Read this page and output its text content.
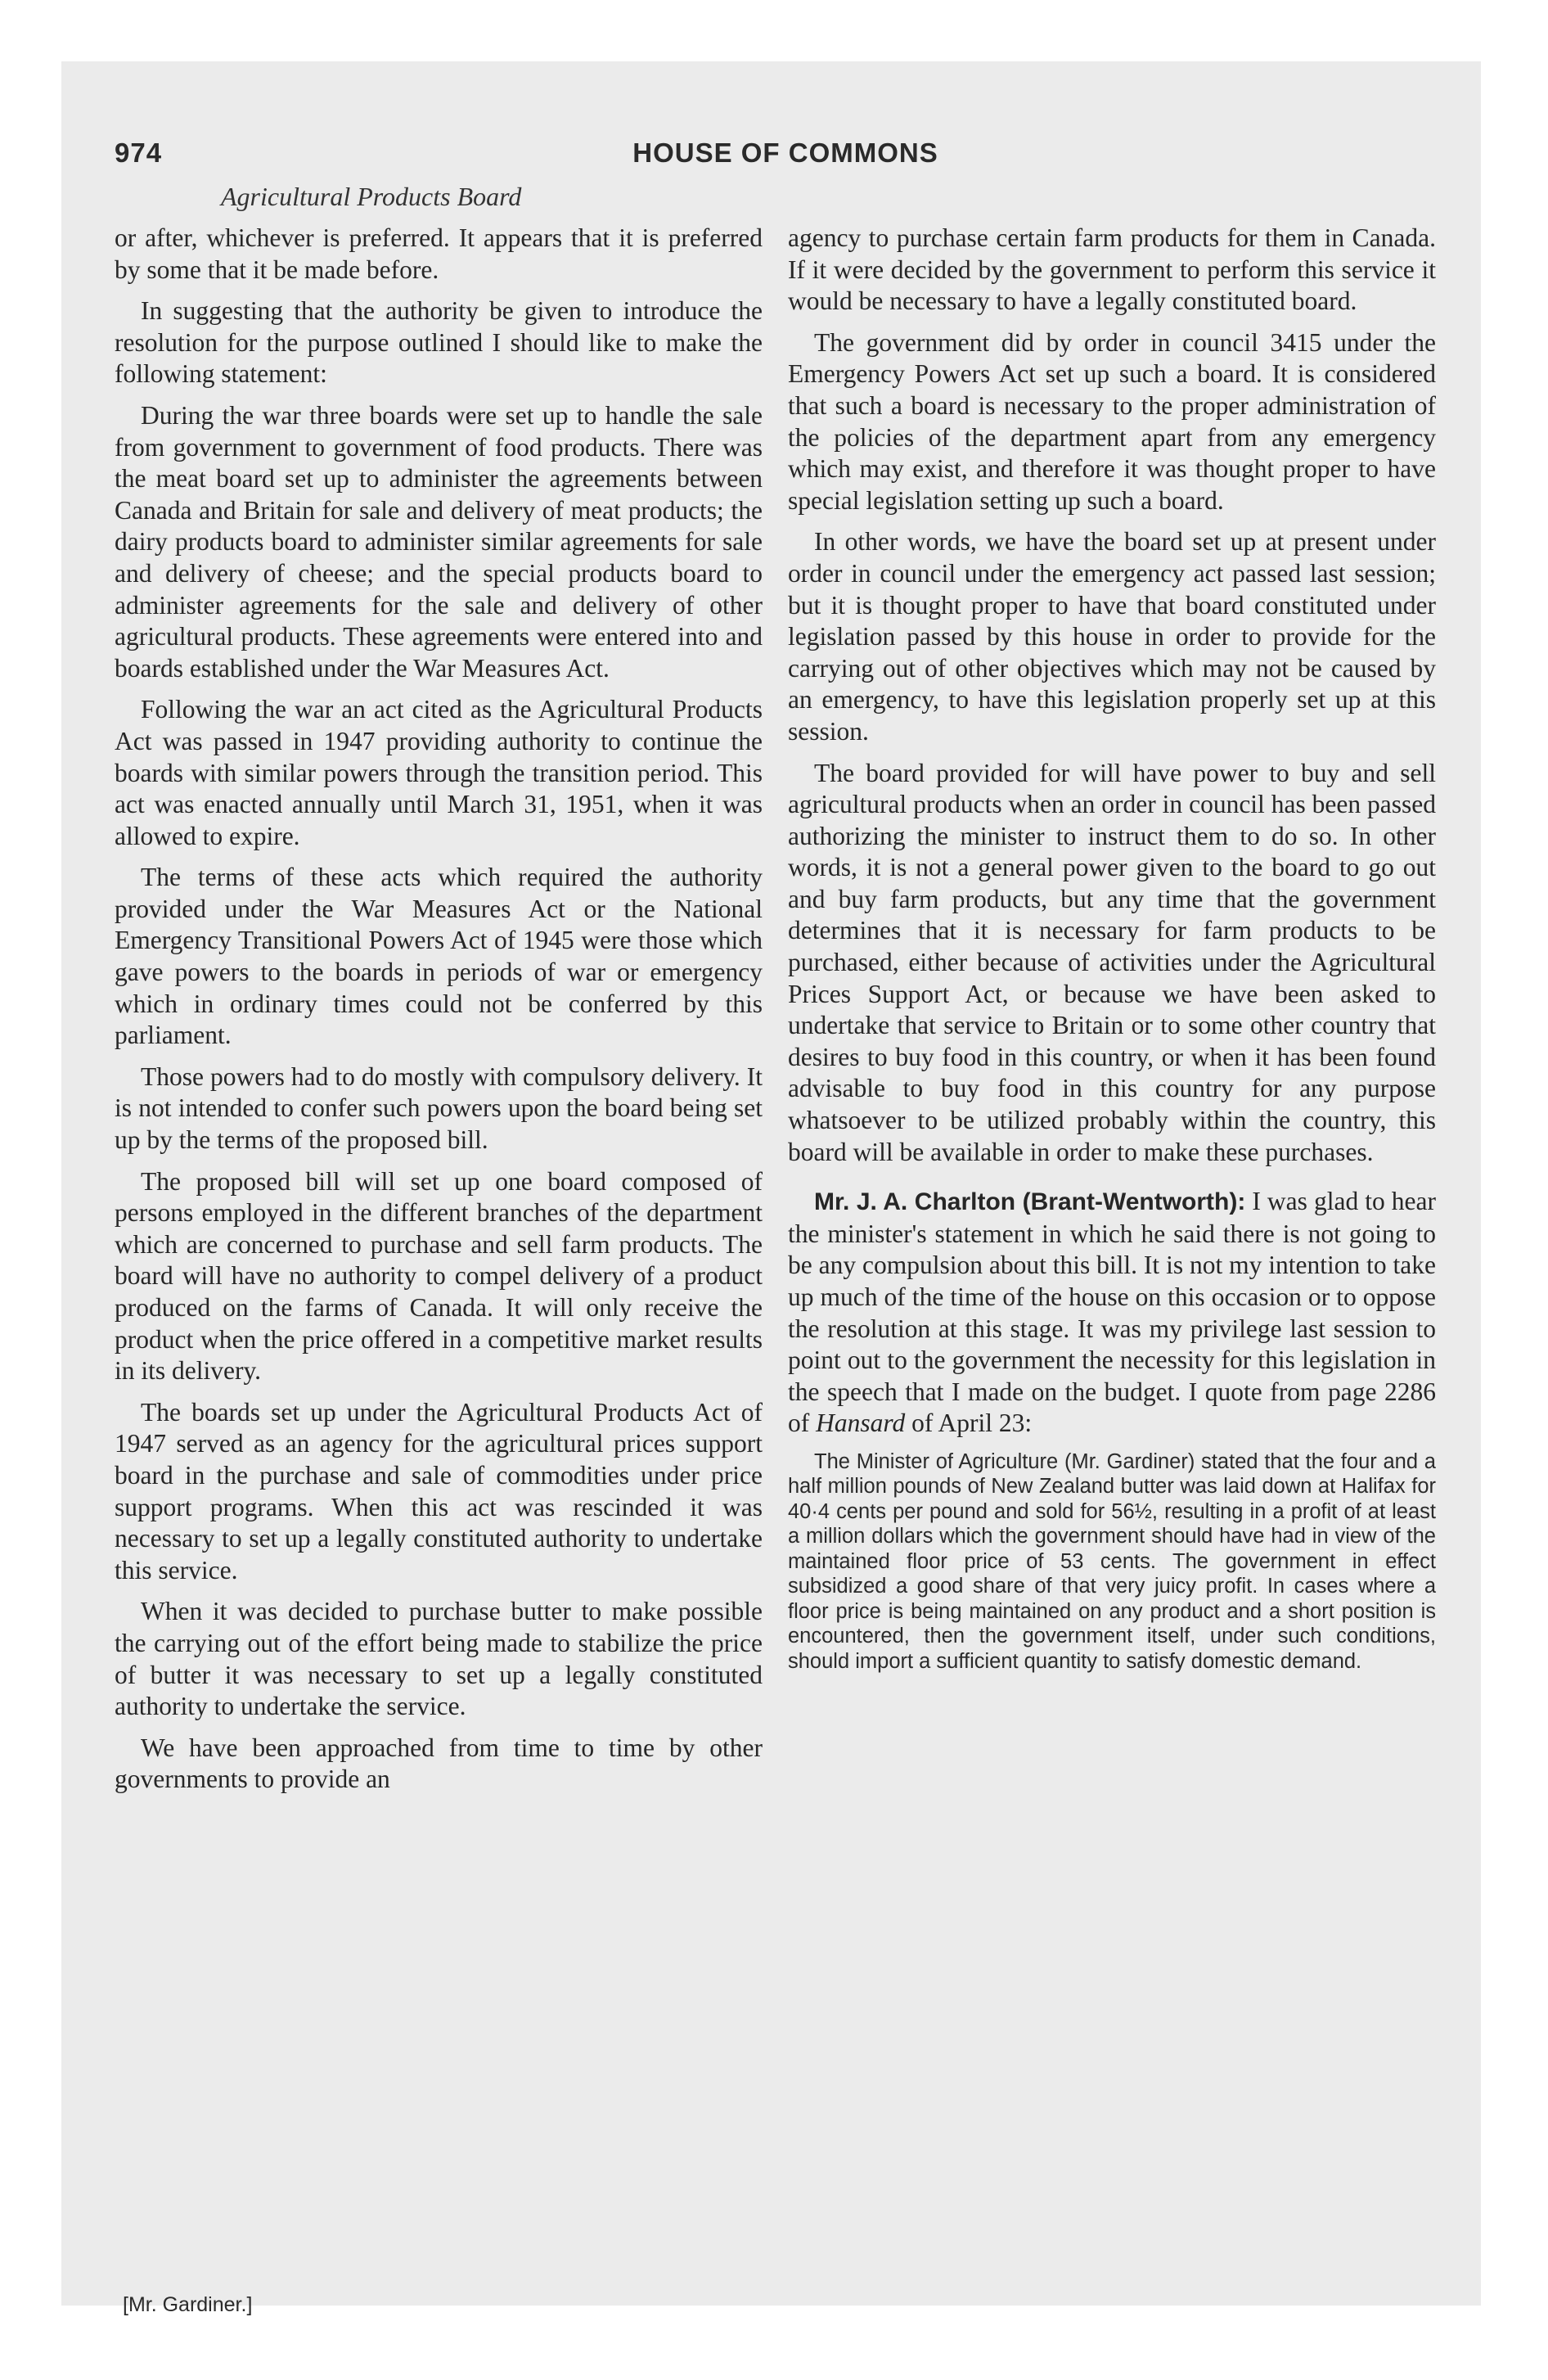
974	HOUSE OF COMMONS
Agricultural Products Board

or after, whichever is preferred. It appears that it is preferred by some that it be made before.

In suggesting that the authority be given to introduce the resolution for the purpose outlined I should like to make the following statement:

During the war three boards were set up to handle the sale from government to government of food products. There was the meat board set up to administer the agreements between Canada and Britain for sale and delivery of meat products; the dairy products board to administer similar agreements for sale and delivery of cheese; and the special products board to administer agreements for the sale and delivery of other agricultural products. These agreements were entered into and boards established under the War Measures Act.

Following the war an act cited as the Agricultural Products Act was passed in 1947 providing authority to continue the boards with similar powers through the transition period. This act was enacted annually until March 31, 1951, when it was allowed to expire.

The terms of these acts which required the authority provided under the War Measures Act or the National Emergency Transitional Powers Act of 1945 were those which gave powers to the boards in periods of war or emergency which in ordinary times could not be conferred by this parliament.

Those powers had to do mostly with compulsory delivery. It is not intended to confer such powers upon the board being set up by the terms of the proposed bill.

The proposed bill will set up one board composed of persons employed in the different branches of the department which are concerned to purchase and sell farm products. The board will have no authority to compel delivery of a product produced on the farms of Canada. It will only receive the product when the price offered in a competitive market results in its delivery.

The boards set up under the Agricultural Products Act of 1947 served as an agency for the agricultural prices support board in the purchase and sale of commodities under price support programs. When this act was rescinded it was necessary to set up a legally constituted authority to undertake this service.

When it was decided to purchase butter to make possible the carrying out of the effort being made to stabilize the price of butter it was necessary to set up a legally constituted authority to undertake the service.

We have been approached from time to time by other governments to provide an

agency to purchase certain farm products for them in Canada. If it were decided by the government to perform this service it would be necessary to have a legally constituted board.

The government did by order in council 3415 under the Emergency Powers Act set up such a board. It is considered that such a board is necessary to the proper administration of the policies of the department apart from any emergency which may exist, and therefore it was thought proper to have special legislation setting up such a board.

In other words, we have the board set up at present under order in council under the emergency act passed last session; but it is thought proper to have that board constituted under legislation passed by this house in order to provide for the carrying out of other objectives which may not be caused by an emergency, to have this legislation properly set up at this session.

The board provided for will have power to buy and sell agricultural products when an order in council has been passed authorizing the minister to instruct them to do so. In other words, it is not a general power given to the board to go out and buy farm products, but any time that the government determines that it is necessary for farm products to be purchased, either because of activities under the Agricultural Prices Support Act, or because we have been asked to undertake that service to Britain or to some other country that desires to buy food in this country, or when it has been found advisable to buy food in this country for any purpose whatsoever to be utilized probably within the country, this board will be available in order to make these purchases.

Mr. J. A. Charlton (Brant-Wentworth): I was glad to hear the minister's statement in which he said there is not going to be any compulsion about this bill. It is not my intention to take up much of the time of the house on this occasion or to oppose the resolution at this stage. It was my privilege last session to point out to the government the necessity for this legislation in the speech that I made on the budget. I quote from page 2286 of Hansard of April 23:

The Minister of Agriculture (Mr. Gardiner) stated that the four and a half million pounds of New Zealand butter was laid down at Halifax for 40·4 cents per pound and sold for 56½, resulting in a profit of at least a million dollars which the government should have had in view of the maintained floor price of 53 cents. The government in effect subsidized a good share of that very juicy profit. In cases where a floor price is being maintained on any product and a short position is encountered, then the government itself, under such conditions, should import a sufficient quantity to satisfy domestic demand.

[Mr. Gardiner.]
